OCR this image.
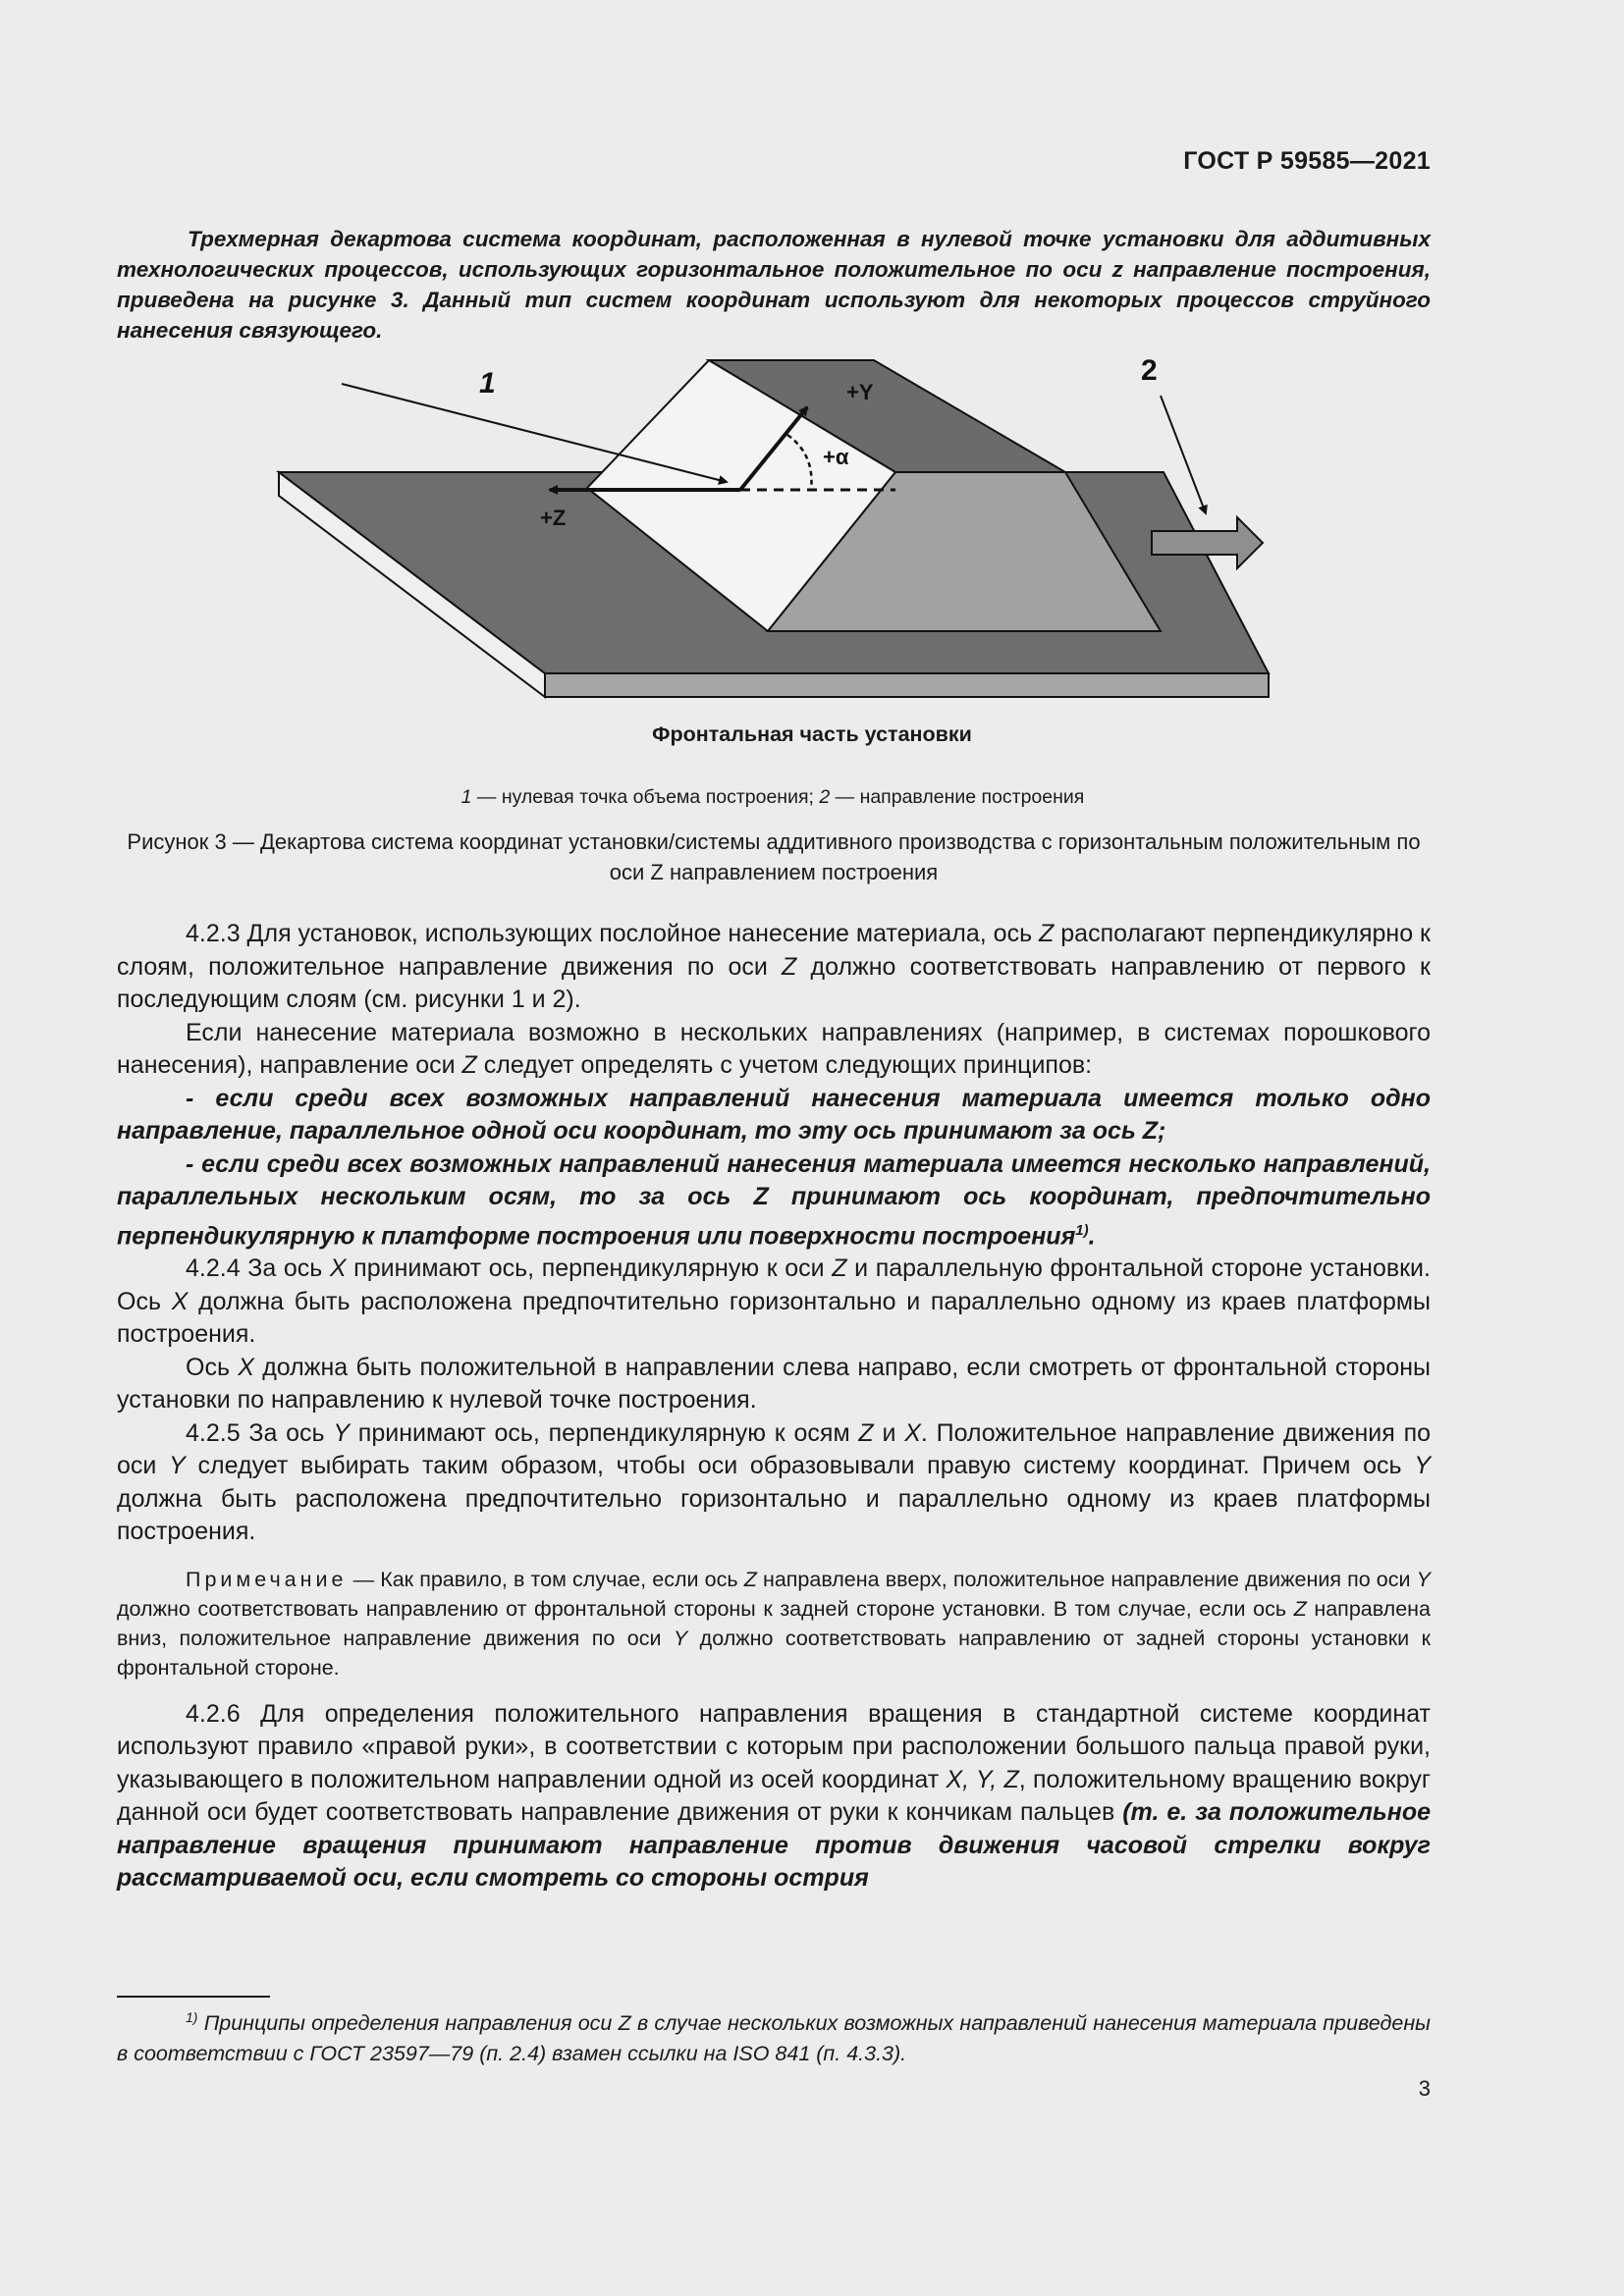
ГОСТ Р 59585—2021

Трехмерная декартова система координат, расположенная в нулевой точке установки для аддитивных технологических процессов, использующих горизонтальное положительное по оси z направление построения, приведена на рисунке 3. Данный тип систем координат используют для некоторых процессов струйного нанесения связующего.

1	2
+Y
+Z
+α
Фронтальная часть установки
1 — нулевая точка объема построения; 2 — направление построения
Рисунок 3 — Декартова система координат установки/системы аддитивного производства с горизонтальным положительным по оси Z направлением построения

4.2.3 Для установок, использующих послойное нанесение материала, ось Z располагают перпендикулярно к слоям, положительное направление движения по оси Z должно соответствовать направлению от первого к последующим слоям (см. рисунки 1 и 2).

Если нанесение материала возможно в нескольких направлениях (например, в системах порошкового нанесения), направление оси Z следует определять с учетом следующих принципов:

- если среди всех возможных направлений нанесения материала имеется только одно направление, параллельное одной оси координат, то эту ось принимают за ось Z;

- если среди всех возможных направлений нанесения материала имеется несколько направлений, параллельных нескольким осям, то за ось Z принимают ось координат, предпочтительно перпендикулярную к платформе построения или поверхности построения$^{1)}$.

4.2.4 За ось X принимают ось, перпендикулярную к оси Z и параллельную фронтальной стороне установки. Ось X должна быть расположена предпочтительно горизонтально и параллельно одному из краев платформы построения.

Ось X должна быть положительной в направлении слева направо, если смотреть от фронтальной стороны установки по направлению к нулевой точке построения.

4.2.5 За ось Y принимают ось, перпендикулярную к осям Z и X. Положительное направление движения по оси Y следует выбирать таким образом, чтобы оси образовывали правую систему координат. Причем ось Y должна быть расположена предпочтительно горизонтально и параллельно одному из краев платформы построения.

Примечание — Как правило, в том случае, если ось Z направлена вверх, положительное направление движения по оси Y должно соответствовать направлению от фронтальной стороны к задней стороне установки. В том случае, если ось Z направлена вниз, положительное направление движения по оси Y должно соответствовать направлению от задней стороны установки к фронтальной стороне.

4.2.6 Для определения положительного направления вращения в стандартной системе координат используют правило «правой руки», в соответствии с которым при расположении большого пальца правой руки, указывающего в положительном направлении одной из осей координат X, Y, Z, положительному вращению вокруг данной оси будет соответствовать направление движения от руки к кончикам пальцев (т. е. за положительное направление вращения принимают направление против движения часовой стрелки вокруг рассматриваемой оси, если смотреть со стороны острия

$^{1)}$ Принципы определения направления оси Z в случае нескольких возможных направлений нанесения материала приведены в соответствии с ГОСТ 23597—79 (п. 2.4) взамен ссылки на ISO 841 (п. 4.3.3).

3
